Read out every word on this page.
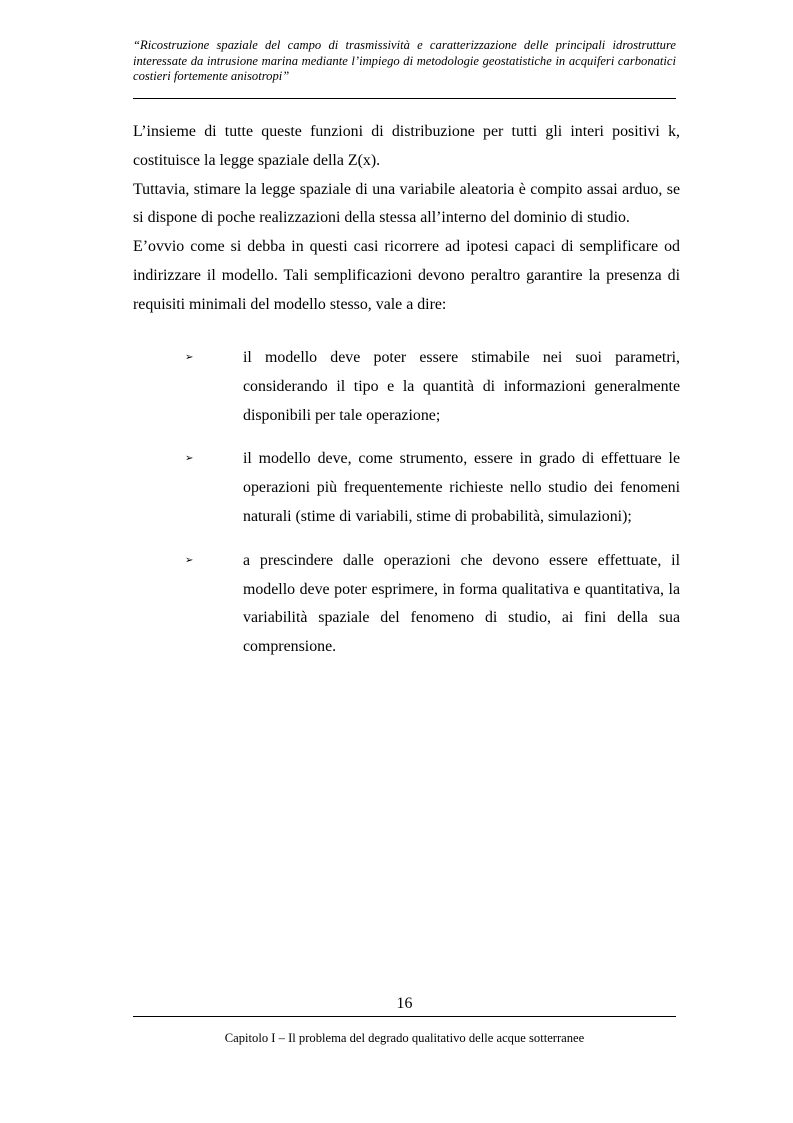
“Ricostruzione spaziale del campo di trasmissività e caratterizzazione delle principali idrostrutture interessate da intrusione marina mediante l’impiego di metodologie geostatistiche in acquiferi carbonatici costieri fortemente anisotropi”

L’insieme di tutte queste funzioni di distribuzione per tutti gli interi positivi k, costituisce la legge spaziale della Z(x).

Tuttavia, stimare la legge spaziale di una variabile aleatoria è compito assai arduo, se si dispone di poche realizzazioni della stessa all’interno del dominio di studio.

E’ovvio come si debba in questi casi ricorrere ad ipotesi capaci di semplificare od indirizzare il modello. Tali semplificazioni devono peraltro garantire la presenza di requisiti minimali del modello stesso, vale a dire:

➢	il modello deve poter essere stimabile nei suoi parametri, considerando il tipo e la quantità di informazioni generalmente disponibili per tale operazione;
➢	il modello deve, come strumento, essere in grado di effettuare le operazioni più frequentemente richieste nello studio dei fenomeni naturali (stime di variabili, stime di probabilità, simulazioni);
➢	a prescindere dalle operazioni che devono essere effettuate, il modello deve poter esprimere, in forma qualitativa e quantitativa, la variabilità spaziale del fenomeno di studio, ai fini della sua comprensione.
16
Capitolo I – Il problema del degrado qualitativo delle acque sotterranee
